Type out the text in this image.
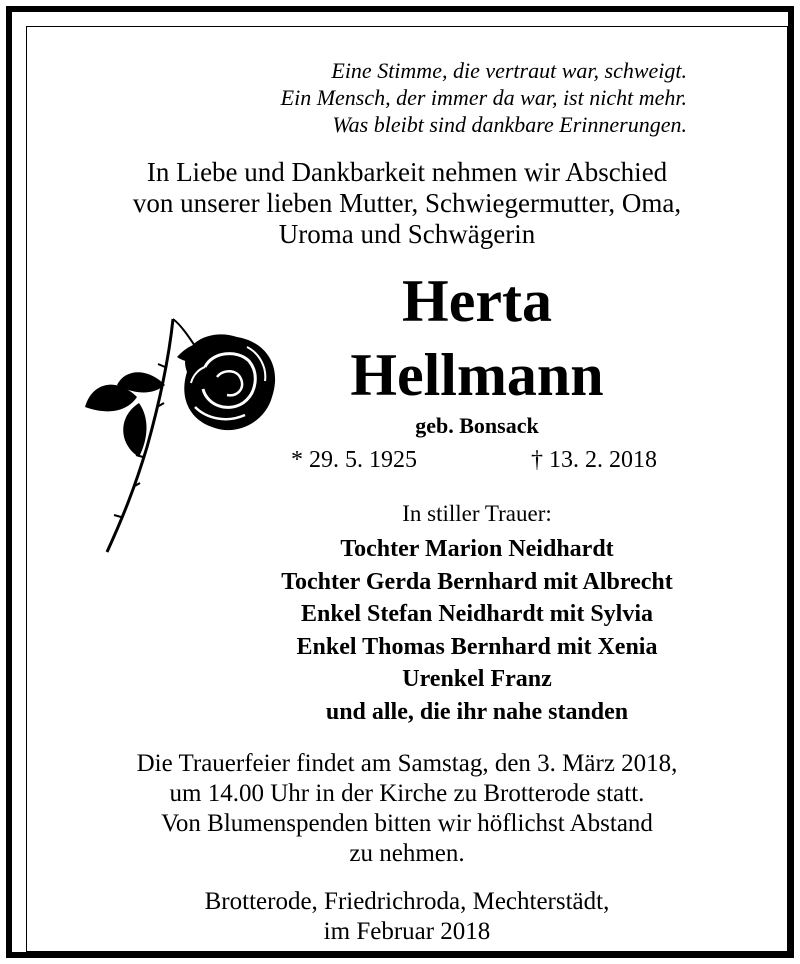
Eine Stimme, die vertraut war, schweigt.
Ein Mensch, der immer da war, ist nicht mehr.
Was bleibt sind dankbare Erinnerungen.
In Liebe und Dankbarkeit nehmen wir Abschied
von unserer lieben Mutter, Schwiegermutter, Oma,
Uroma und Schwägerin
Herta
Hellmann
geb. Bonsack
* 29. 5. 1925	† 13. 2. 2018
In stiller Trauer:
Tochter Marion Neidhardt
Tochter Gerda Bernhard mit Albrecht
Enkel Stefan Neidhardt mit Sylvia
Enkel Thomas Bernhard mit Xenia
Urenkel Franz
und alle, die ihr nahe standen
Die Trauerfeier findet am Samstag, den 3. März 2018,
um 14.00 Uhr in der Kirche zu Brotterode statt.
Von Blumenspenden bitten wir höflichst Abstand
zu nehmen.
Brotterode, Friedrichroda, Mechterstädt,
im Februar 2018
